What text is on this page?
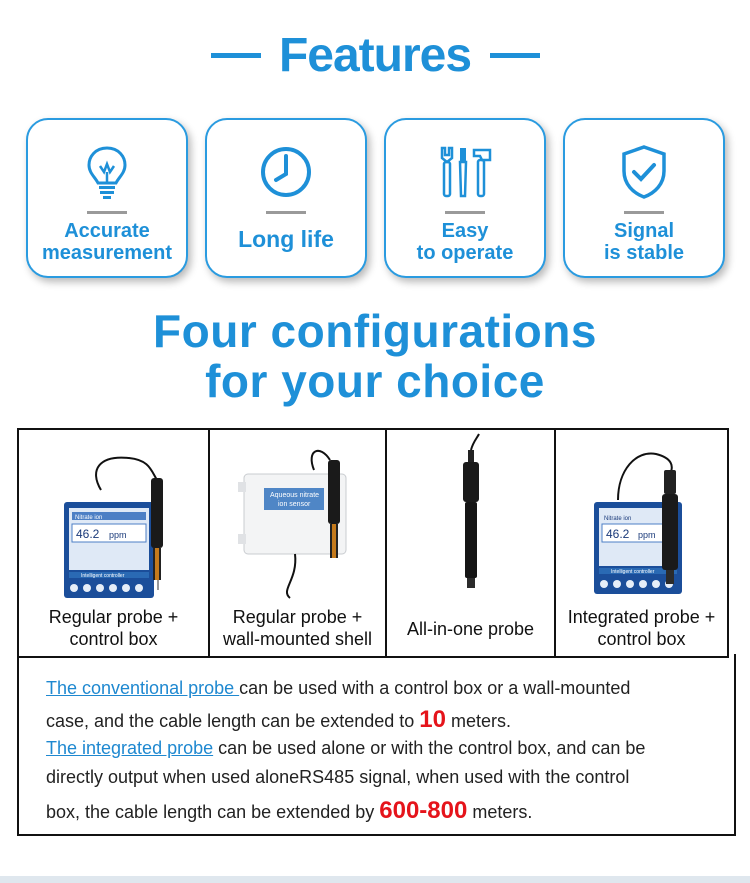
Features
Accurate
measurement
Long life	Easy
to operate
Signal
is stable
Four configurations
for your choice
Nitrate ion
46.2 ppm
Intelligent controller
Regular probe +
control box
Aqueous nitrate
ion sensor
Regular probe +
wall-mounted shell	All-in-one probe
Nitrate ion
46.2 ppm
Intelligent controller
Integrated probe +
control box
The conventional probe can be used with a control box or a wall-mounted
case, and the cable length can be extended to 10 meters.
The integrated probe can be used alone or with the control box, and can be
directly output when used aloneRS485 signal, when used with the control
box, the cable length can be extended by 600-800 meters.
